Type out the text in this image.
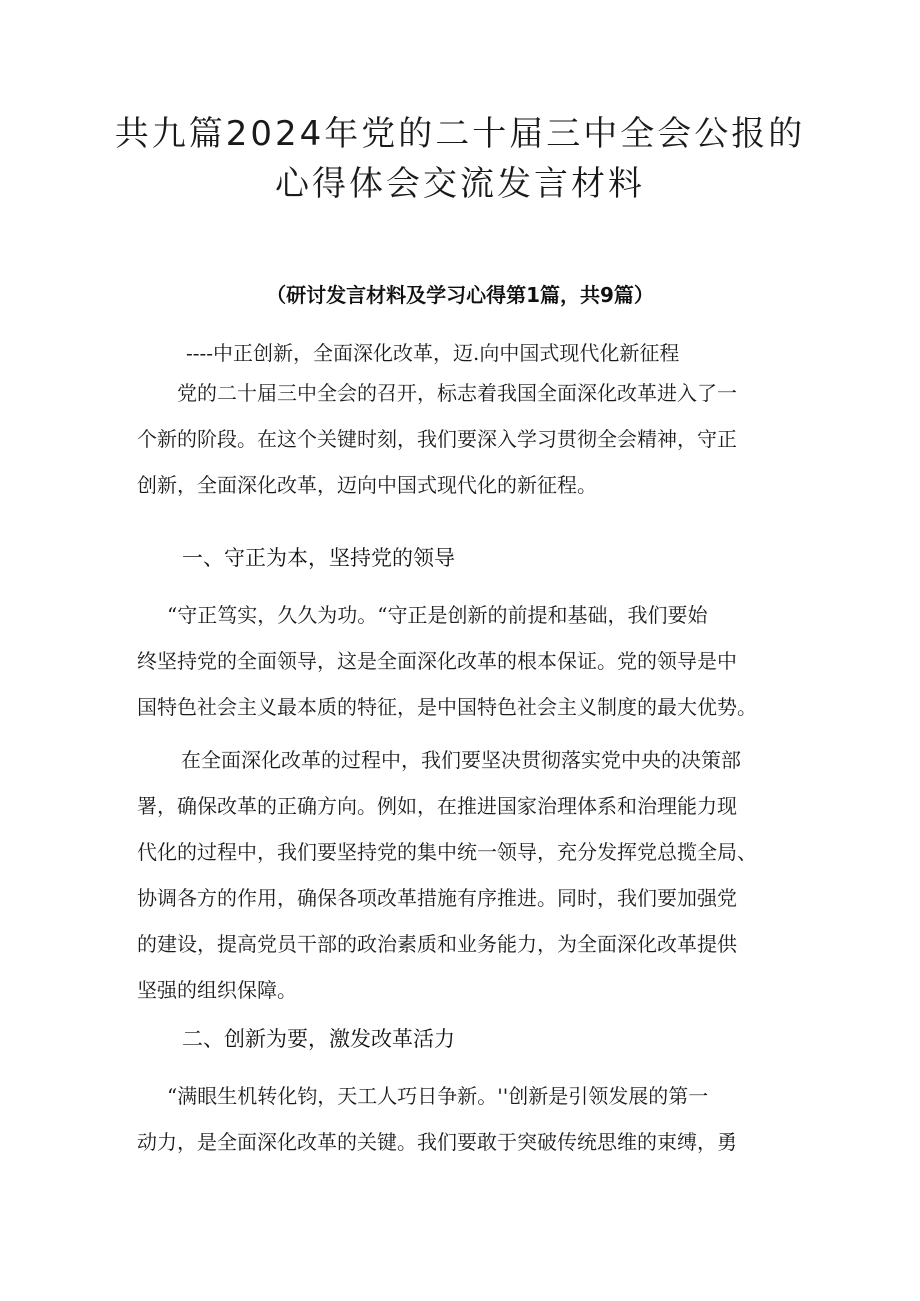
共九篇2024年党的二十届三中全会公报的
心得体会交流发言材料
（研讨发言材料及学习心得第1篇，共9篇）
----中正创新，全面深化改革，迈.向中国式现代化新征程

　党的二十届三中全会的召开，标志着我国全面深化改革进入了一
个新的阶段。在这个关键时刻，我们要深入学习贯彻全会精神，守正
创新，全面深化改革，迈向中国式现代化的新征程。

一、守正为本，坚持党的领导

“守正笃实，久久为功。“守正是创新的前提和基础，我们要始
终坚持党的全面领导，这是全面深化改革的根本保证。党的领导是中
国特色社会主义最本质的特征，是中国特色社会主义制度的最大优势。

　在全面深化改革的过程中，我们要坚决贯彻落实党中央的决策部
署，确保改革的正确方向。例如，在推进国家治理体系和治理能力现
代化的过程中，我们要坚持党的集中统一领导，充分发挥党总揽全局、
协调各方的作用，确保各项改革措施有序推进。同时，我们要加强党
的建设，提高党员干部的政治素质和业务能力，为全面深化改革提供
坚强的组织保障。

二、创新为要，激发改革活力

“满眼生机转化钧，天工人巧日争新。''创新是引领发展的第一
动力，是全面深化改革的关键。我们要敢于突破传统思维的束缚，勇
